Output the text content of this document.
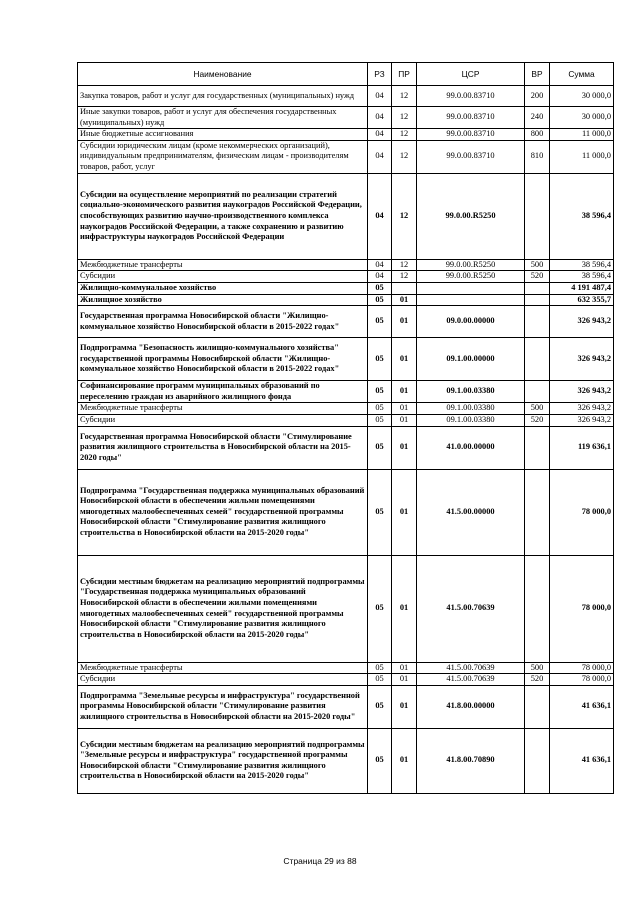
Наименование	РЗ	ПР	ЦСР	ВР	Сумма
Закупка товаров, работ и услуг для государственных (муниципальных) нужд	04	12	99.0.00.83710	200	30 000,0
Иные закупки товаров, работ и услуг для обеспечения государственных (муниципальных) нужд	04	12	99.0.00.83710	240	30 000,0
Иные бюджетные ассигнования	04	12	99.0.00.83710	800	11 000,0
Субсидии юридическим лицам (кроме некоммерческих организаций), индивидуальным предпринимателям, физическим лицам - производителям товаров, работ, услуг	04	12	99.0.00.83710	810	11 000,0
Субсидии на осуществление мероприятий по реализации стратегий социально-экономического развития наукоградов Российской Федерации, способствующих развитию научно-производственного комплекса наукоградов Российской Федерации, а также сохранению и развитию инфраструктуры наукоградов Российской Федерации	04	12	99.0.00.R5250		38 596,4
Межбюджетные трансферты	04	12	99.0.00.R5250	500	38 596,4
Субсидии	04	12	99.0.00.R5250	520	38 596,4
Жилищно-коммунальное хозяйство	05				4 191 487,4
Жилищное хозяйство	05	01			632 355,7
Государственная программа Новосибирской области "Жилищно-коммунальное хозяйство Новосибирской области в 2015-2022 годах"	05	01	09.0.00.00000		326 943,2
Подпрограмма "Безопасность жилищно-коммунального хозяйства" государственной программы Новосибирской области "Жилищно-коммунальное хозяйство Новосибирской области в 2015-2022 годах"	05	01	09.1.00.00000		326 943,2
Софинансирование программ муниципальных образований по переселению граждан из аварийного жилищного фонда	05	01	09.1.00.03380		326 943,2
Межбюджетные трансферты	05	01	09.1.00.03380	500	326 943,2
Субсидии	05	01	09.1.00.03380	520	326 943,2
Государственная программа Новосибирской области "Стимулирование развития жилищного строительства в Новосибирской области на 2015-2020 годы"	05	01	41.0.00.00000		119 636,1
Подпрограмма "Государственная поддержка муниципальных образований Новосибирской области в обеспечении жильми помещениями многодетных малообеспеченных семей" государственной программы Новосибирской области "Стимулирование развития жилищного строительства в Новосибирской области на 2015-2020 годы"	05	01	41.5.00.00000		78 000,0
Субсидии местным бюджетам на реализацию мероприятий подпрограммы "Государственная поддержка муниципальных образований Новосибирской области в обеспечении жилыми помещениями многодетных малообеспеченных семей" государственной программы Новосибирской области "Стимулирование развития жилищного строительства в Новосибирской области на 2015-2020 годы"	05	01	41.5.00.70639		78 000,0
Межбюджетные трансферты	05	01	41.5.00.70639	500	78 000,0
Субсидии	05	01	41.5.00.70639	520	78 000,0
Подпрограмма "Земельные ресурсы и инфраструктура" государственной программы Новосибирской области "Стимулирование развития жилищного строительства в Новосибирской области на 2015-2020 годы"	05	01	41.8.00.00000		41 636,1
Субсидии местным бюджетам на реализацию мероприятий подпрограммы "Земельные ресурсы и инфраструктура" государственной программы Новосибирской области "Стимулирование развития жилищного строительства в Новосибирской области на 2015-2020 годы"	05	01	41.8.00.70890		41 636,1
Страница 29 из 88
